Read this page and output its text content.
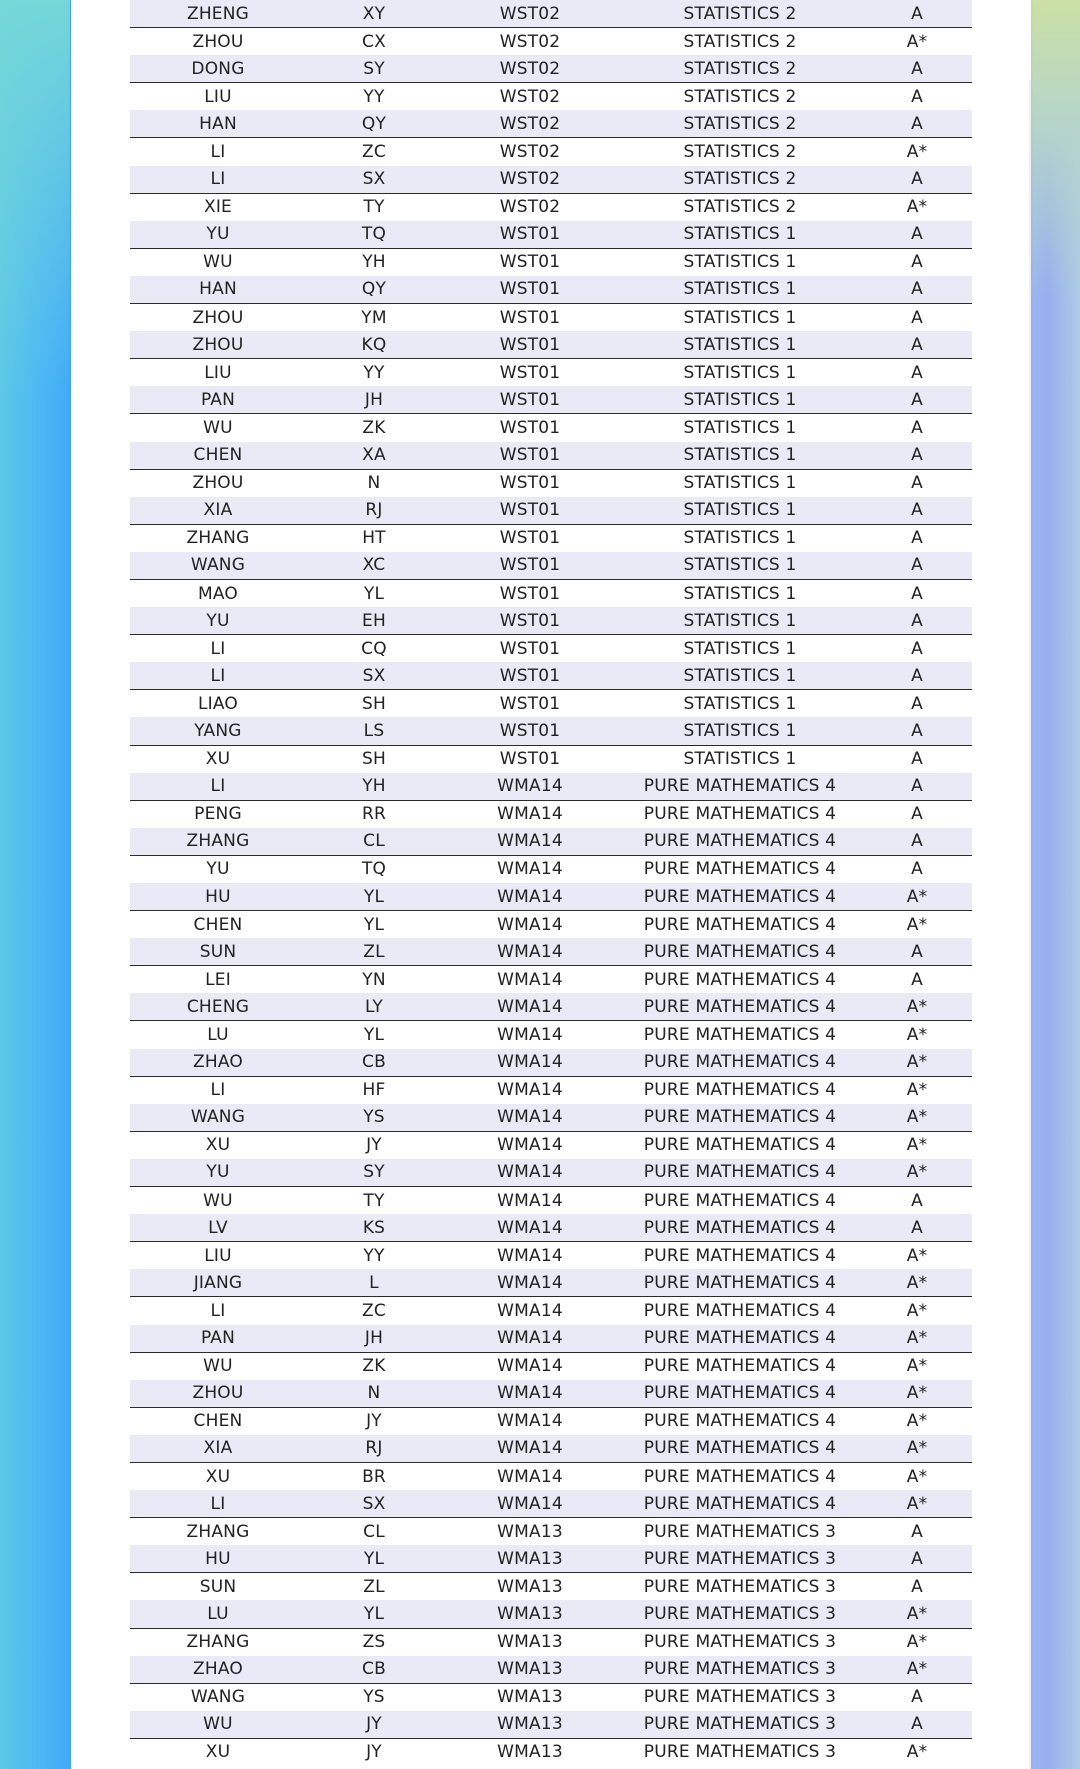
ZHENG	XY	WST02	STATISTICS 2	A
ZHOU	CX	WST02	STATISTICS 2	A*
DONG	SY	WST02	STATISTICS 2	A
LIU	YY	WST02	STATISTICS 2	A
HAN	QY	WST02	STATISTICS 2	A
LI	ZC	WST02	STATISTICS 2	A*
LI	SX	WST02	STATISTICS 2	A
XIE	TY	WST02	STATISTICS 2	A*
YU	TQ	WST01	STATISTICS 1	A
WU	YH	WST01	STATISTICS 1	A
HAN	QY	WST01	STATISTICS 1	A
ZHOU	YM	WST01	STATISTICS 1	A
ZHOU	KQ	WST01	STATISTICS 1	A
LIU	YY	WST01	STATISTICS 1	A
PAN	JH	WST01	STATISTICS 1	A
WU	ZK	WST01	STATISTICS 1	A
CHEN	XA	WST01	STATISTICS 1	A
ZHOU	N	WST01	STATISTICS 1	A
XIA	RJ	WST01	STATISTICS 1	A
ZHANG	HT	WST01	STATISTICS 1	A
WANG	XC	WST01	STATISTICS 1	A
MAO	YL	WST01	STATISTICS 1	A
YU	EH	WST01	STATISTICS 1	A
LI	CQ	WST01	STATISTICS 1	A
LI	SX	WST01	STATISTICS 1	A
LIAO	SH	WST01	STATISTICS 1	A
YANG	LS	WST01	STATISTICS 1	A
XU	SH	WST01	STATISTICS 1	A
LI	YH	WMA14	PURE MATHEMATICS 4	A
PENG	RR	WMA14	PURE MATHEMATICS 4	A
ZHANG	CL	WMA14	PURE MATHEMATICS 4	A
YU	TQ	WMA14	PURE MATHEMATICS 4	A
HU	YL	WMA14	PURE MATHEMATICS 4	A*
CHEN	YL	WMA14	PURE MATHEMATICS 4	A*
SUN	ZL	WMA14	PURE MATHEMATICS 4	A
LEI	YN	WMA14	PURE MATHEMATICS 4	A
CHENG	LY	WMA14	PURE MATHEMATICS 4	A*
LU	YL	WMA14	PURE MATHEMATICS 4	A*
ZHAO	CB	WMA14	PURE MATHEMATICS 4	A*
LI	HF	WMA14	PURE MATHEMATICS 4	A*
WANG	YS	WMA14	PURE MATHEMATICS 4	A*
XU	JY	WMA14	PURE MATHEMATICS 4	A*
YU	SY	WMA14	PURE MATHEMATICS 4	A*
WU	TY	WMA14	PURE MATHEMATICS 4	A
LV	KS	WMA14	PURE MATHEMATICS 4	A
LIU	YY	WMA14	PURE MATHEMATICS 4	A*
JIANG	L	WMA14	PURE MATHEMATICS 4	A*
LI	ZC	WMA14	PURE MATHEMATICS 4	A*
PAN	JH	WMA14	PURE MATHEMATICS 4	A*
WU	ZK	WMA14	PURE MATHEMATICS 4	A*
ZHOU	N	WMA14	PURE MATHEMATICS 4	A*
CHEN	JY	WMA14	PURE MATHEMATICS 4	A*
XIA	RJ	WMA14	PURE MATHEMATICS 4	A*
XU	BR	WMA14	PURE MATHEMATICS 4	A*
LI	SX	WMA14	PURE MATHEMATICS 4	A*
ZHANG	CL	WMA13	PURE MATHEMATICS 3	A
HU	YL	WMA13	PURE MATHEMATICS 3	A
SUN	ZL	WMA13	PURE MATHEMATICS 3	A
LU	YL	WMA13	PURE MATHEMATICS 3	A*
ZHANG	ZS	WMA13	PURE MATHEMATICS 3	A*
ZHAO	CB	WMA13	PURE MATHEMATICS 3	A*
WANG	YS	WMA13	PURE MATHEMATICS 3	A
WU	JY	WMA13	PURE MATHEMATICS 3	A
XU	JY	WMA13	PURE MATHEMATICS 3	A*
